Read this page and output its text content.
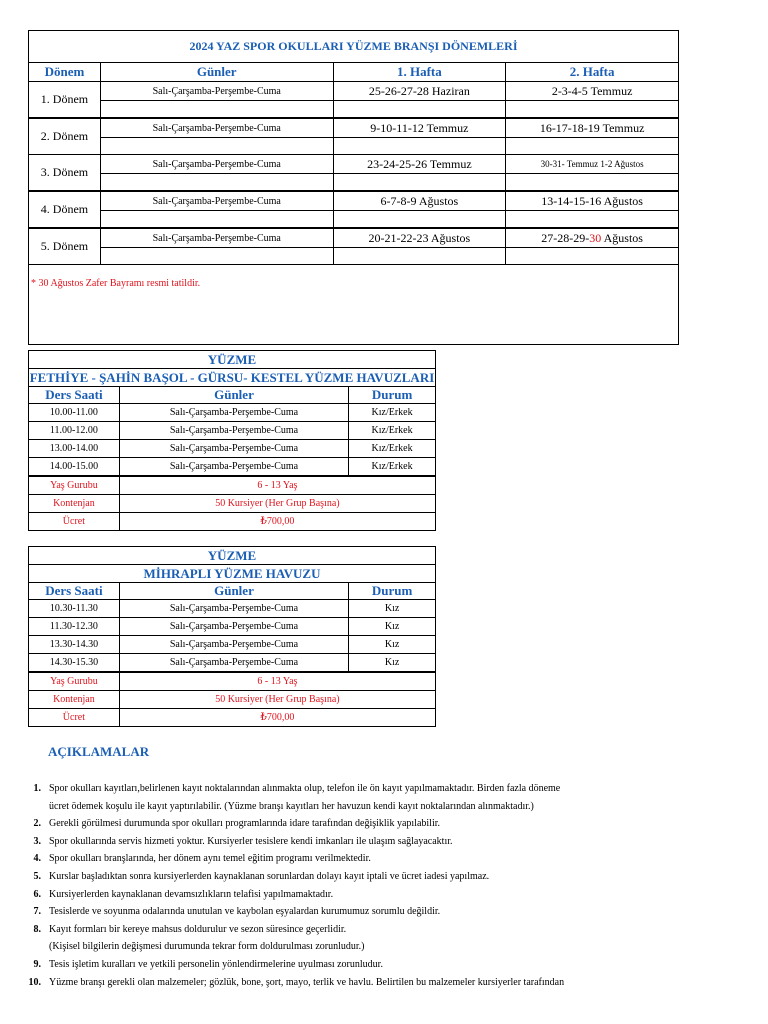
2024 YAZ SPOR OKULLARI YÜZME BRANŞI DÖNEMLERİ			
Dönem	Günler	1. Hafta	2. Hafta
1. Dönem	Salı-Çarşamba-Perşembe-Cuma	25-26-27-28 Haziran	2-3-4-5 Temmuz

2. Dönem	Salı-Çarşamba-Perşembe-Cuma	9-10-11-12 Temmuz	16-17-18-19 Temmuz

3. Dönem	Salı-Çarşamba-Perşembe-Cuma	23-24-25-26 Temmuz	30-31- Temmuz 1-2 Ağustos

4. Dönem	Salı-Çarşamba-Perşembe-Cuma	6-7-8-9 Ağustos	13-14-15-16 Ağustos

5. Dönem	Salı-Çarşamba-Perşembe-Cuma	20-21-22-23 Ağustos	27-28-29-30 Ağustos

* 30 Ağustos Zafer Bayramı resmi tatildir.			
YÜZME		
FETHİYE - ŞAHİN BAŞOL - GÜRSU- KESTEL YÜZME HAVUZLARI		
Ders Saati	Günler	Durum
10.00-11.00	Salı-Çarşamba-Perşembe-Cuma	Kız/Erkek
11.00-12.00	Salı-Çarşamba-Perşembe-Cuma	Kız/Erkek
13.00-14.00	Salı-Çarşamba-Perşembe-Cuma	Kız/Erkek
14.00-15.00	Salı-Çarşamba-Perşembe-Cuma	Kız/Erkek
Yaş Gurubu	6 - 13 Yaş	
Kontenjan	50 Kursiyer (Her Grup Başına)	
Ücret	₺700,00	
YÜZME		
MİHRAPLI YÜZME HAVUZU		
Ders Saati	Günler	Durum
10.30-11.30	Salı-Çarşamba-Perşembe-Cuma	Kız
11.30-12.30	Salı-Çarşamba-Perşembe-Cuma	Kız
13.30-14.30	Salı-Çarşamba-Perşembe-Cuma	Kız
14.30-15.30	Salı-Çarşamba-Perşembe-Cuma	Kız
Yaş Gurubu	6 - 13 Yaş	
Kontenjan	50 Kursiyer (Her Grup Başına)	
Ücret	₺700,00	
AÇIKLAMALAR
1. Spor okulları kayıtları,belirlenen kayıt noktalarından alınmakta olup, telefon ile ön kayıt yapılmamaktadır. Birden fazla döneme
ücret ödemek koşulu ile kayıt yaptırılabilir. (Yüzme branşı kayıtları her havuzun kendi kayıt noktalarından alınmaktadır.)
2. Gerekli görülmesi durumunda spor okulları programlarında idare tarafından değişiklik yapılabilir.
3. Spor okullarında servis hizmeti yoktur. Kursiyerler tesislere kendi imkanları ile ulaşım sağlayacaktır.
4. Spor okulları branşlarında, her dönem aynı temel eğitim programı verilmektedir.
5. Kurslar başladıktan sonra kursiyerlerden kaynaklanan sorunlardan dolayı kayıt iptali ve ücret iadesi yapılmaz.
6. Kursiyerlerden kaynaklanan devamsızlıkların telafisi yapılmamaktadır.
7. Tesislerde ve soyunma odalarında unutulan ve kaybolan eşyalardan kurumumuz sorumlu değildir.
8. Kayıt formları bir kereye mahsus doldurulur ve sezon süresince geçerlidir.
(Kişisel bilgilerin değişmesi durumunda tekrar form doldurulması zorunludur.)
9. Tesis işletim kuralları ve yetkili personelin yönlendirmelerine uyulması zorunludur.
10. Yüzme branşı gerekli olan malzemeler; gözlük, bone, şort, mayo, terlik ve havlu. Belirtilen bu malzemeler kursiyerler tarafından
